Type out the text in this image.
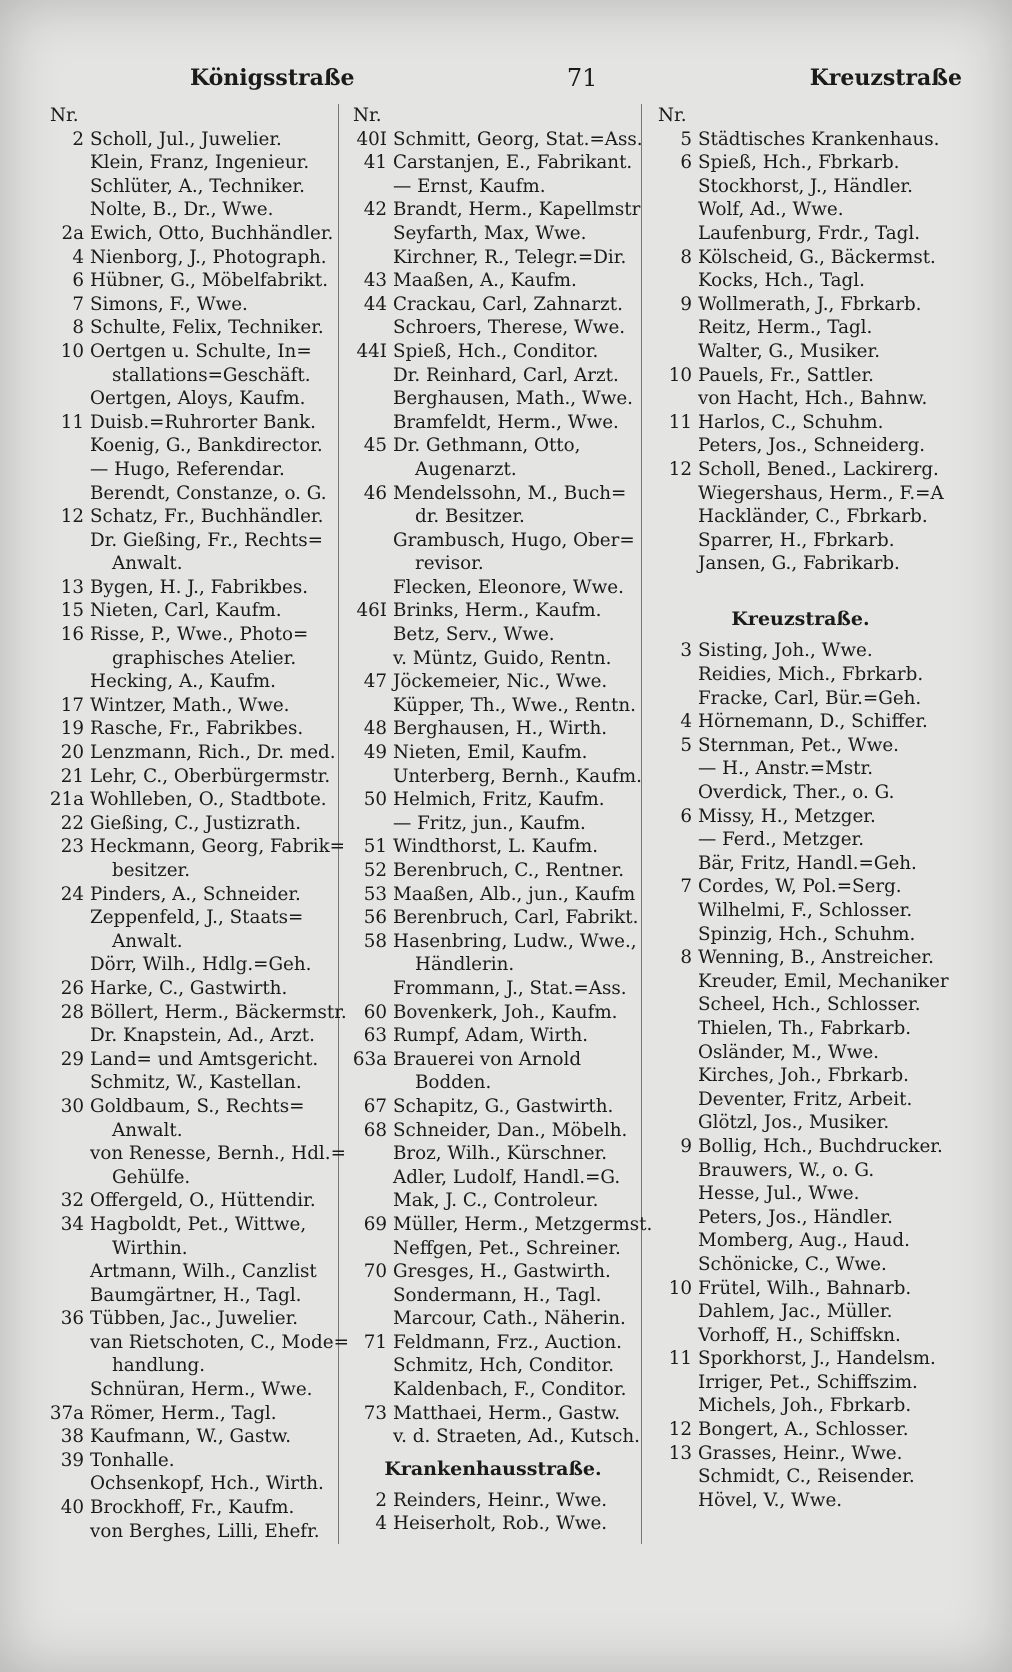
Königsstraße	71	Kreuzstraße
Nr.
2 Scholl, Jul., Juwelier.
Klein, Franz, Ingenieur.
Schlüter, A., Techniker.
Nolte, B., Dr., Wwe.
2a Ewich, Otto, Buchhändler.
4 Nienborg, J., Photograph.
6 Hübner, G., Möbelfabrikt.
7 Simons, F., Wwe.
8 Schulte, Felix, Techniker.
10 Oertgen u. Schulte, In=
stallations=Geschäft.
Oertgen, Aloys, Kaufm.
11 Duisb.=Ruhrorter Bank.
Koenig, G., Bankdirector.
— Hugo, Referendar.
Berendt, Constanze, o. G.
12 Schatz, Fr., Buchhändler.
Dr. Gießing, Fr., Rechts=
Anwalt.
13 Bygen, H. J., Fabrikbes.
15 Nieten, Carl, Kaufm.
16 Risse, P., Wwe., Photo=
graphisches Atelier.
Hecking, A., Kaufm.
17 Wintzer, Math., Wwe.
19 Rasche, Fr., Fabrikbes.
20 Lenzmann, Rich., Dr. med.
21 Lehr, C., Oberbürgermstr.
21a Wohlleben, O., Stadtbote.
22 Gießing, C., Justizrath.
23 Heckmann, Georg, Fabrik=
besitzer.
24 Pinders, A., Schneider.
Zeppenfeld, J., Staats=
Anwalt.
Dörr, Wilh., Hdlg.=Geh.
26 Harke, C., Gastwirth.
28 Böllert, Herm., Bäckermstr.
Dr. Knapstein, Ad., Arzt.
29 Land= und Amtsgericht.
Schmitz, W., Kastellan.
30 Goldbaum, S., Rechts=
Anwalt.
von Renesse, Bernh., Hdl.=
Gehülfe.
32 Offergeld, O., Hüttendir.
34 Hagboldt, Pet., Wittwe,
Wirthin.
Artmann, Wilh., Canzlist
Baumgärtner, H., Tagl.
36 Tübben, Jac., Juwelier.
van Rietschoten, C., Mode=
handlung.
Schnüran, Herm., Wwe.
37a Römer, Herm., Tagl.
38 Kaufmann, W., Gastw.
39 Tonhalle.
Ochsenkopf, Hch., Wirth.
40 Brockhoff, Fr., Kaufm.
von Berghes, Lilli, Ehefr.
Nr.
40I Schmitt, Georg, Stat.=Ass.
41 Carstanjen, E., Fabrikant.
— Ernst, Kaufm.
42 Brandt, Herm., Kapellmstr
Seyfarth, Max, Wwe.
Kirchner, R., Telegr.=Dir.
43 Maaßen, A., Kaufm.
44 Crackau, Carl, Zahnarzt.
Schroers, Therese, Wwe.
44I Spieß, Hch., Conditor.
Dr. Reinhard, Carl, Arzt.
Berghausen, Math., Wwe.
Bramfeldt, Herm., Wwe.
45 Dr. Gethmann, Otto,
Augenarzt.
46 Mendelssohn, M., Buch=
dr. Besitzer.
Grambusch, Hugo, Ober=
revisor.
Flecken, Eleonore, Wwe.
46I Brinks, Herm., Kaufm.
Betz, Serv., Wwe.
v. Müntz, Guido, Rentn.
47 Jöckemeier, Nic., Wwe.
Küpper, Th., Wwe., Rentn.
48 Berghausen, H., Wirth.
49 Nieten, Emil, Kaufm.
Unterberg, Bernh., Kaufm.
50 Helmich, Fritz, Kaufm.
— Fritz, jun., Kaufm.
51 Windthorst, L. Kaufm.
52 Berenbruch, C., Rentner.
53 Maaßen, Alb., jun., Kaufm
56 Berenbruch, Carl, Fabrikt.
58 Hasenbring, Ludw., Wwe.,
Händlerin.
Frommann, J., Stat.=Ass.
60 Bovenkerk, Joh., Kaufm.
63 Rumpf, Adam, Wirth.
63a Brauerei von Arnold
Bodden.
67 Schapitz, G., Gastwirth.
68 Schneider, Dan., Möbelh.
Broz, Wilh., Kürschner.
Adler, Ludolf, Handl.=G.
Mak, J. C., Controleur.
69 Müller, Herm., Metzgermst.
Neffgen, Pet., Schreiner.
70 Gresges, H., Gastwirth.
Sondermann, H., Tagl.
Marcour, Cath., Näherin.
71 Feldmann, Frz., Auction.
Schmitz, Hch, Conditor.
Kaldenbach, F., Conditor.
73 Matthaei, Herm., Gastw.
v. d. Straeten, Ad., Kutsch.
Krankenhausstraße.
2 Reinders, Heinr., Wwe.
4 Heiserholt, Rob., Wwe.
Nr.
5 Städtisches Krankenhaus.
6 Spieß, Hch., Fbrkarb.
Stockhorst, J., Händler.
Wolf, Ad., Wwe.
Laufenburg, Frdr., Tagl.
8 Kölscheid, G., Bäckermst.
Kocks, Hch., Tagl.
9 Wollmerath, J., Fbrkarb.
Reitz, Herm., Tagl.
Walter, G., Musiker.
10 Pauels, Fr., Sattler.
von Hacht, Hch., Bahnw.
11 Harlos, C., Schuhm.
Peters, Jos., Schneiderg.
12 Scholl, Bened., Lackirerg.
Wiegershaus, Herm., F.=A
Hackländer, C., Fbrkarb.
Sparrer, H., Fbrkarb.
Jansen, G., Fabrikarb.
Kreuzstraße.
3 Sisting, Joh., Wwe.
Reidies, Mich., Fbrkarb.
Fracke, Carl, Bür.=Geh.
4 Hörnemann, D., Schiffer.
5 Sternman, Pet., Wwe.
— H., Anstr.=Mstr.
Overdick, Ther., o. G.
6 Missy, H., Metzger.
— Ferd., Metzger.
Bär, Fritz, Handl.=Geh.
7 Cordes, W, Pol.=Serg.
Wilhelmi, F., Schlosser.
Spinzig, Hch., Schuhm.
8 Wenning, B., Anstreicher.
Kreuder, Emil, Mechaniker
Scheel, Hch., Schlosser.
Thielen, Th., Fabrkarb.
Osländer, M., Wwe.
Kirches, Joh., Fbrkarb.
Deventer, Fritz, Arbeit.
Glötzl, Jos., Musiker.
9 Bollig, Hch., Buchdrucker.
Brauwers, W., o. G.
Hesse, Jul., Wwe.
Peters, Jos., Händler.
Momberg, Aug., Haud.
Schönicke, C., Wwe.
10 Frütel, Wilh., Bahnarb.
Dahlem, Jac., Müller.
Vorhoff, H., Schiffskn.
11 Sporkhorst, J., Handelsm.
Irriger, Pet., Schiffszim.
Michels, Joh., Fbrkarb.
12 Bongert, A., Schlosser.
13 Grasses, Heinr., Wwe.
Schmidt, C., Reisender.
Hövel, V., Wwe.
